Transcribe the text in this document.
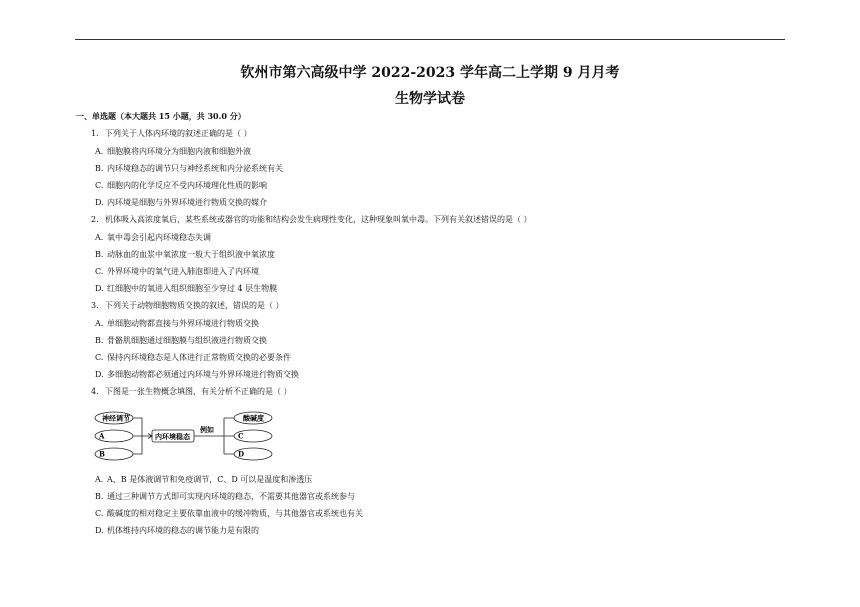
钦州市第六高级中学 2022-2023 学年高二上学期 9 月月考
生物学试卷
一、单选题（本大题共 15 小题，共 30.0 分）
1. 下列关于人体内环境的叙述正确的是（ ）
A. 细胞膜将内环境分为细胞内液和细胞外液
B. 内环境稳态的调节只与神经系统和内分泌系统有关
C. 细胞内的化学反应不受内环境理化性质的影响
D. 内环境是细胞与外界环境进行物质交换的媒介
2. 机体吸入高浓度氧后，某些系统或器官的功能和结构会发生病理性变化，这种现象叫氧中毒。下列有关叙述错误的是（ ）
A. 氧中毒会引起内环境稳态失调
B. 动脉血的血浆中氧浓度一般大于组织液中氧浓度
C. 外界环境中的氧气进入肺泡即进入了内环境
D. 红细胞中的氧进入组织细胞至少穿过 4 层生物膜
3. 下列关于动物细胞物质交换的叙述，错误的是（ ）
A. 单细胞动物都直接与外界环境进行物质交换
B. 骨骼肌细胞通过细胞膜与组织液进行物质交换
C. 保持内环境稳态是人体进行正常物质交换的必要条件
D. 多细胞动物都必须通过内环境与外界环境进行物质交换
4. 下图是一张生物概念填图，有关分析不正确的是（ ）
神经调节
A
B
内环境稳态
例如
酸碱度
C
D
A. A、B 是体液调节和免疫调节，C、D 可以是温度和渗透压
B. 通过三种调节方式即可实现内环境的稳态，不需要其他器官或系统参与
C. 酸碱度的相对稳定主要依靠血液中的缓冲物质，与其他器官或系统也有关
D. 机体维持内环境的稳态的调节能力是有限的
